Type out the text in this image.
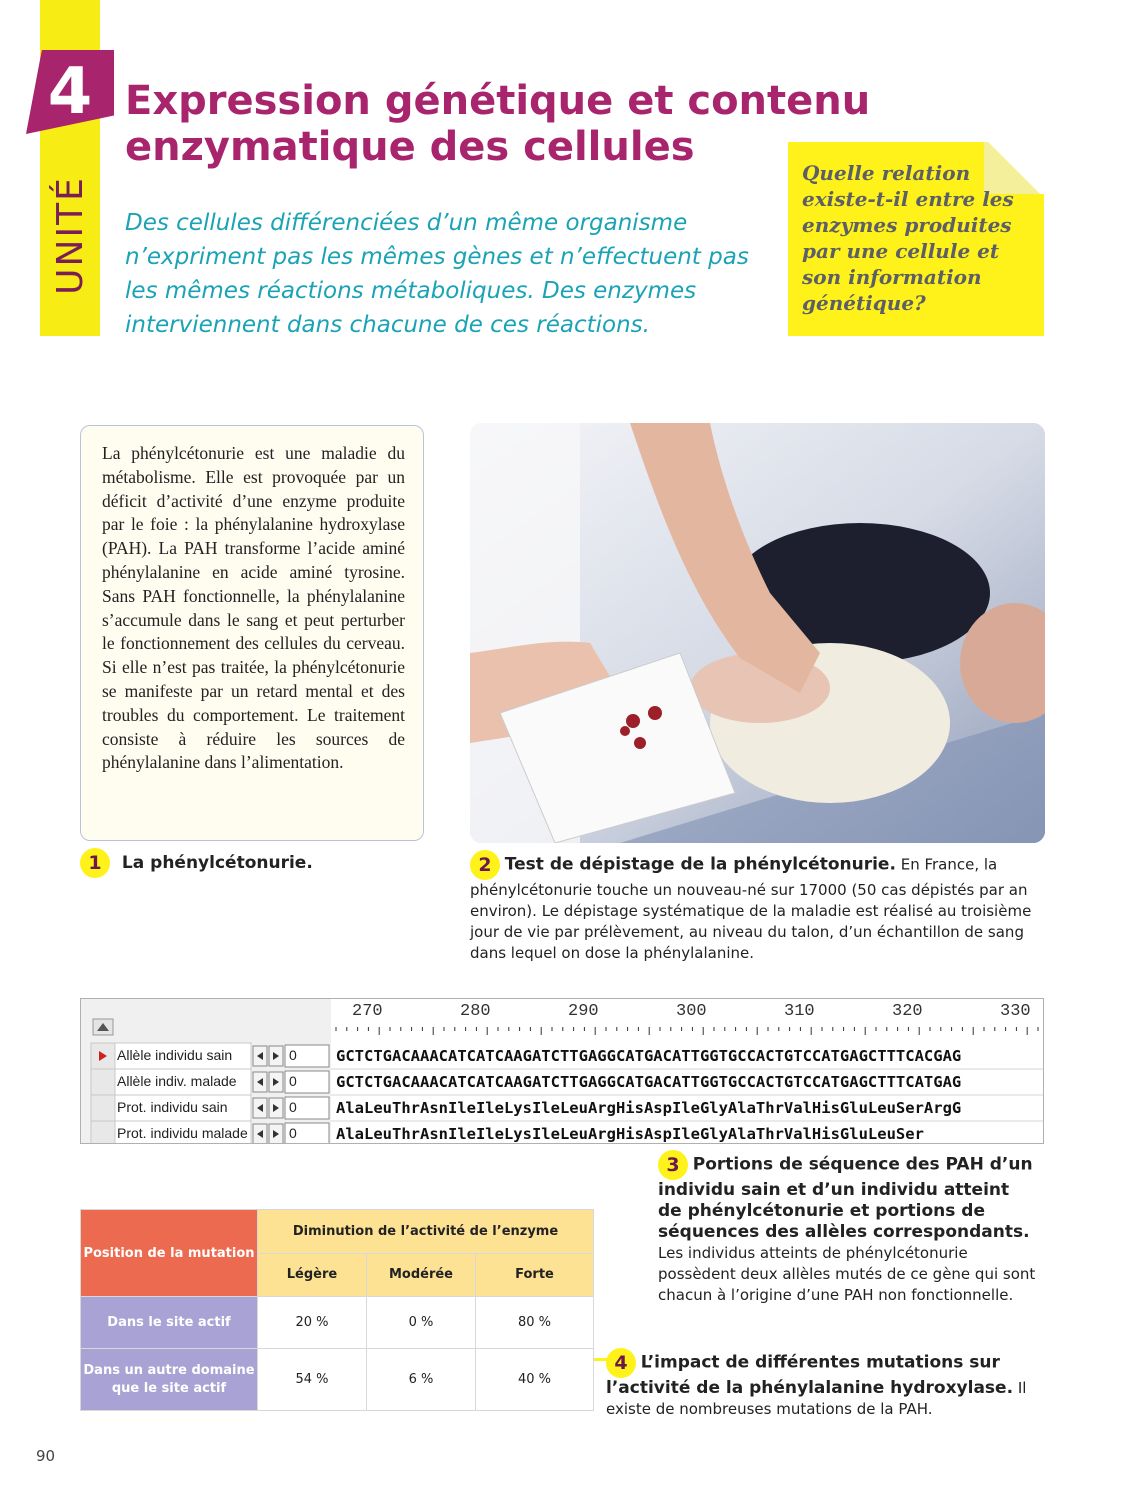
4
UNITÉ
Expression génétique et contenu enzymatique des cellules

Des cellules différenciées d’un même organisme n’expriment pas les mêmes gènes et n’effectuent pas les mêmes réactions métaboliques. Des enzymes interviennent dans chacune de ces réactions.

Quelle relation existe-t-il entre les enzymes produites par une cellule et son information génétique?

La phénylcétonurie est une maladie du métabolisme. Elle est provoquée par un déficit d’activité d’une enzyme produite par le foie : la phénylalanine hydroxylase (PAH). La PAH transforme l’acide aminé phénylalanine en acide aminé tyrosine. Sans PAH fonctionnelle, la phénylalanine s’accumule dans le sang et peut perturber le fonctionnement des cellules du cerveau. Si elle n’est pas traitée, la phénylcétonurie se manifeste par un retard mental et des troubles du comportement. Le traitement consiste à réduire les sources de phénylalanine dans l’alimentation.

1 La phénylcétonurie.	2 Test de dépistage de la phénylcétonurie. En France, la phénylcétonurie touche un nouveau-né sur 17000 (50 cas dépistés par an environ). Le dépistage systématique de la maladie est réalisé au troisième jour de vie par prélèvement, au niveau du talon, d’un échantillon de sang dans lequel on dose la phénylalanine.
270	280	290	300	310	320	330
Allèle individu sain	0	GCTCTGACAAACATCATCAAGATCTTGAGGCATGACATTGGTGCCACTGTCCATGAGCTTTCACGAG
Allèle indiv. malade	0	GCTCTGACAAACATCATCAAGATCTTGAGGCATGACATTGGTGCCACTGTCCATGAGCTTTCATGAG
Prot. individu sain	0	AlaLeuThrAsnIleIleLysIleLeuArgHisAspIleGlyAlaThrValHisGluLeuSerArgG
Prot. individu malade	0	AlaLeuThrAsnIleIleLysIleLeuArgHisAspIleGlyAlaThrValHisGluLeuSer
3 Portions de séquence des PAH d’un individu sain et d’un individu atteint de phénylcétonurie et portions de séquences des allèles correspondants. Les individus atteints de phénylcétonurie possèdent deux allèles mutés de ce gène qui sont chacun à l’origine d’une PAH non fonctionnelle.
Position de la mutation	Diminution de l’activité de l’enzyme		
	Légère	Modérée	Forte
Dans le site actif	20 %	0 %	80 %
Dans un autre domaine que le site actif	54 %	6 %	40 %
4 L’impact de différentes mutations sur l’activité de la phénylalanine hydroxylase. Il existe de nombreuses mutations de la PAH.
90
